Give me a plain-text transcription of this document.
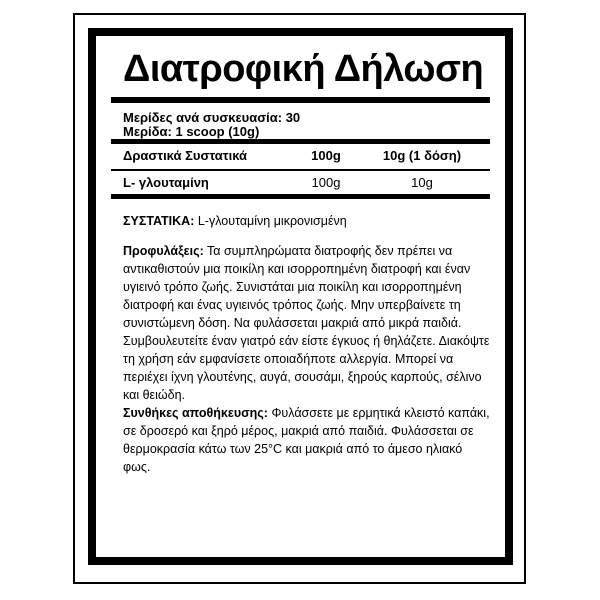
Διατροφική Δήλωση

Μερίδες ανά συσκευασία: 30
Μερίδα: 1 scoop (10g)

Δραστικά Συστατικά	100g	10g (1 δόση)
L- γλουταμίνη	100g	10g

ΣΥΣΤΑΤΙΚΑ: L-γλουταμίνη μικρονισμένη

Προφυλάξεις: Τα συμπληρώματα διατροφής δεν πρέπει να αντικαθιστούν μια ποικίλη και ισορροπημένη διατροφή και έναν υγιεινό τρόπο ζωής. Συνιστάται μια ποικίλη και ισορροπημένη διατροφή και ένας υγιεινός τρόπος ζωής. Μην υπερβαίνετε τη συνιστώμενη δόση. Να φυλάσσεται μακριά από μικρά παιδιά. Συμβουλευτείτε έναν γιατρό εάν είστε έγκυος ή θηλάζετε. Διακόψτε τη χρήση εάν εμφανίσετε οποιαδήποτε αλλεργία. Μπορεί να περιέχει ίχνη γλουτένης, αυγά, σουσάμι, ξηρούς καρπούς, σέλινο και θειώδη.

Συνθήκες αποθήκευσης: Φυλάσσετε με ερμητικά κλειστό καπάκι, σε δροσερό και ξηρό μέρος, μακριά από παιδιά. Φυλάσσεται σε θερμοκρασία κάτω των 25°C και μακριά από το άμεσο ηλιακό φως.
